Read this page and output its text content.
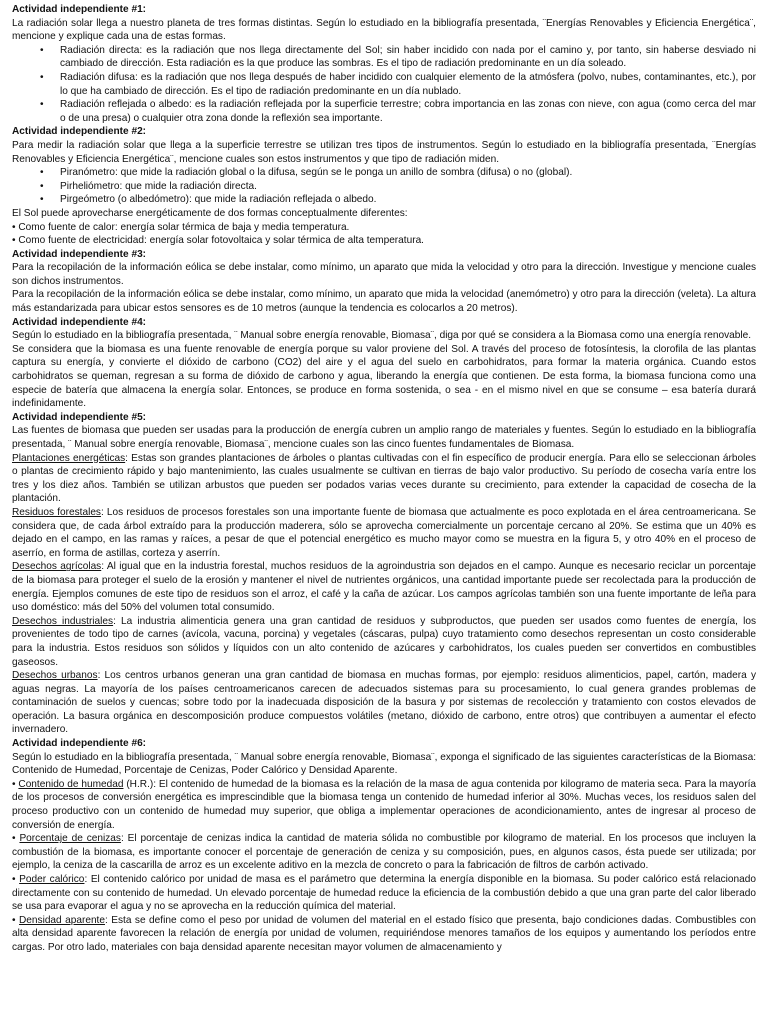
Actividad independiente #1:

La radiación solar llega a nuestro planeta de tres formas distintas. Según lo estudiado en la bibliografía presentada, ¨Energías Renovables y Eficiencia Energética¨, mencione y explique cada una de estas formas.

• Radiación directa: es la radiación que nos llega directamente del Sol; sin haber incidido con nada por el camino y, por tanto, sin haberse desviado ni cambiado de dirección. Esta radiación es la que produce las sombras. Es el tipo de radiación predominante en un día soleado.
• Radiación difusa: es la radiación que nos llega después de haber incidido con cualquier elemento de la atmósfera (polvo, nubes, contaminantes, etc.), por lo que ha cambiado de dirección. Es el tipo de radiación predominante en un día nublado.
• Radiación reflejada o albedo: es la radiación reflejada por la superficie terrestre; cobra importancia en las zonas con nieve, con agua (como cerca del mar o de una presa) o cualquier otra zona donde la reflexión sea importante.

Actividad independiente #2:

Para medir la radiación solar que llega a la superficie terrestre se utilizan tres tipos de instrumentos. Según lo estudiado en la bibliografía presentada, ¨Energías Renovables y Eficiencia Energética¨, mencione cuales son estos instrumentos y que tipo de radiación miden.

• Piranómetro: que mide la radiación global o la difusa, según se le ponga un anillo de sombra (difusa) o no (global).
• Pirheliómetro: que mide la radiación directa.
• Pirgeómetro (o albedómetro): que mide la radiación reflejada o albedo.

El Sol puede aprovecharse energéticamente de dos formas conceptualmente diferentes:

• Como fuente de calor: energía solar térmica de baja y media temperatura.

• Como fuente de electricidad: energía solar fotovoltaica y solar térmica de alta temperatura.

Actividad independiente #3:

Para la recopilación de la información eólica se debe instalar, como mínimo, un aparato que mida la velocidad y otro para la dirección. Investigue y mencione cuales son dichos instrumentos.

Para la recopilación de la información eólica se debe instalar, como mínimo, un aparato que mida la velocidad (anemómetro) y otro para la dirección (veleta). La altura más estandarizada para ubicar estos sensores es de 10 metros (aunque la tendencia es colocarlos a 20 metros).

Actividad independiente #4:

Según lo estudiado en la bibliografía presentada, ¨ Manual sobre energía renovable, Biomasa¨, diga por qué se considera a la Biomasa como una energía renovable.

Se considera que la biomasa es una fuente renovable de energía porque su valor proviene del Sol. A través del proceso de fotosíntesis, la clorofila de las plantas captura su energía, y convierte el dióxido de carbono (CO2) del aire y el agua del suelo en carbohidratos, para formar la materia orgánica. Cuando estos carbohidratos se queman, regresan a su forma de dióxido de carbono y agua, liberando la energía que contienen. De esta forma, la biomasa funciona como una especie de batería que almacena la energía solar. Entonces, se produce en forma sostenida, o sea - en el mismo nivel en que se consume – esa batería durará indefinidamente.

Actividad independiente #5:

Las fuentes de biomasa que pueden ser usadas para la producción de energía cubren un amplio rango de materiales y fuentes. Según lo estudiado en la bibliografía presentada, ¨ Manual sobre energía renovable, Biomasa¨, mencione cuales son las cinco fuentes fundamentales de Biomasa.

Plantaciones energéticas: Estas son grandes plantaciones de árboles o plantas cultivadas con el fin específico de producir energía. Para ello se seleccionan árboles o plantas de crecimiento rápido y bajo mantenimiento, las cuales usualmente se cultivan en tierras de bajo valor productivo. Su período de cosecha varía entre los tres y los diez años. También se utilizan arbustos que pueden ser podados varias veces durante su crecimiento, para extender la capacidad de cosecha de la plantación.

Residuos forestales: Los residuos de procesos forestales son una importante fuente de biomasa que actualmente es poco explotada en el área centroamericana. Se considera que, de cada árbol extraído para la producción maderera, sólo se aprovecha comercialmente un porcentaje cercano al 20%. Se estima que un 40% es dejado en el campo, en las ramas y raíces, a pesar de que el potencial energético es mucho mayor como se muestra en la figura 5, y otro 40% en el proceso de aserrío, en forma de astillas, corteza y aserrín.

Desechos agrícolas: Al igual que en la industria forestal, muchos residuos de la agroindustria son dejados en el campo. Aunque es necesario reciclar un porcentaje de la biomasa para proteger el suelo de la erosión y mantener el nivel de nutrientes orgánicos, una cantidad importante puede ser recolectada para la producción de energía. Ejemplos comunes de este tipo de residuos son el arroz, el café y la caña de azúcar. Los campos agrícolas también son una fuente importante de leña para uso doméstico: más del 50% del volumen total consumido.

Desechos industriales: La industria alimenticia genera una gran cantidad de residuos y subproductos, que pueden ser usados como fuentes de energía, los provenientes de todo tipo de carnes (avícola, vacuna, porcina) y vegetales (cáscaras, pulpa) cuyo tratamiento como desechos representan un costo considerable para la industria. Estos residuos son sólidos y líquidos con un alto contenido de azúcares y carbohidratos, los cuales pueden ser convertidos en combustibles gaseosos.

Desechos urbanos: Los centros urbanos generan una gran cantidad de biomasa en muchas formas, por ejemplo: residuos alimenticios, papel, cartón, madera y aguas negras. La mayoría de los países centroamericanos carecen de adecuados sistemas para su procesamiento, lo cual genera grandes problemas de contaminación de suelos y cuencas; sobre todo por la inadecuada disposición de la basura y por sistemas de recolección y tratamiento con costos elevados de operación. La basura orgánica en descomposición produce compuestos volátiles (metano, dióxido de carbono, entre otros) que contribuyen a aumentar el efecto invernadero.

Actividad independiente #6:

Según lo estudiado en la bibliografía presentada, ¨ Manual sobre energía renovable, Biomasa¨, exponga el significado de las siguientes características de la Biomasa: Contenido de Humedad, Porcentaje de Cenizas, Poder Calórico y Densidad Aparente.

• Contenido de humedad (H.R.): El contenido de humedad de la biomasa es la relación de la masa de agua contenida por kilogramo de materia seca. Para la mayoría de los procesos de conversión energética es imprescindible que la biomasa tenga un contenido de humedad inferior al 30%. Muchas veces, los residuos salen del proceso productivo con un contenido de humedad muy superior, que obliga a implementar operaciones de acondicionamiento, antes de ingresar al proceso de conversión de energía.

• Porcentaje de cenizas: El porcentaje de cenizas indica la cantidad de materia sólida no combustible por kilogramo de material. En los procesos que incluyen la combustión de la biomasa, es importante conocer el porcentaje de generación de ceniza y su composición, pues, en algunos casos, ésta puede ser utilizada; por ejemplo, la ceniza de la cascarilla de arroz es un excelente aditivo en la mezcla de concreto o para la fabricación de filtros de carbón activado.

• Poder calórico: El contenido calórico por unidad de masa es el parámetro que determina la energía disponible en la biomasa. Su poder calórico está relacionado directamente con su contenido de humedad. Un elevado porcentaje de humedad reduce la eficiencia de la combustión debido a que una gran parte del calor liberado se usa para evaporar el agua y no se aprovecha en la reducción química del material.

• Densidad aparente: Esta se define como el peso por unidad de volumen del material en el estado físico que presenta, bajo condiciones dadas. Combustibles con alta densidad aparente favorecen la relación de energía por unidad de volumen, requiriéndose menores tamaños de los equipos y aumentando los períodos entre cargas. Por otro lado, materiales con baja densidad aparente necesitan mayor volumen de almacenamiento y
